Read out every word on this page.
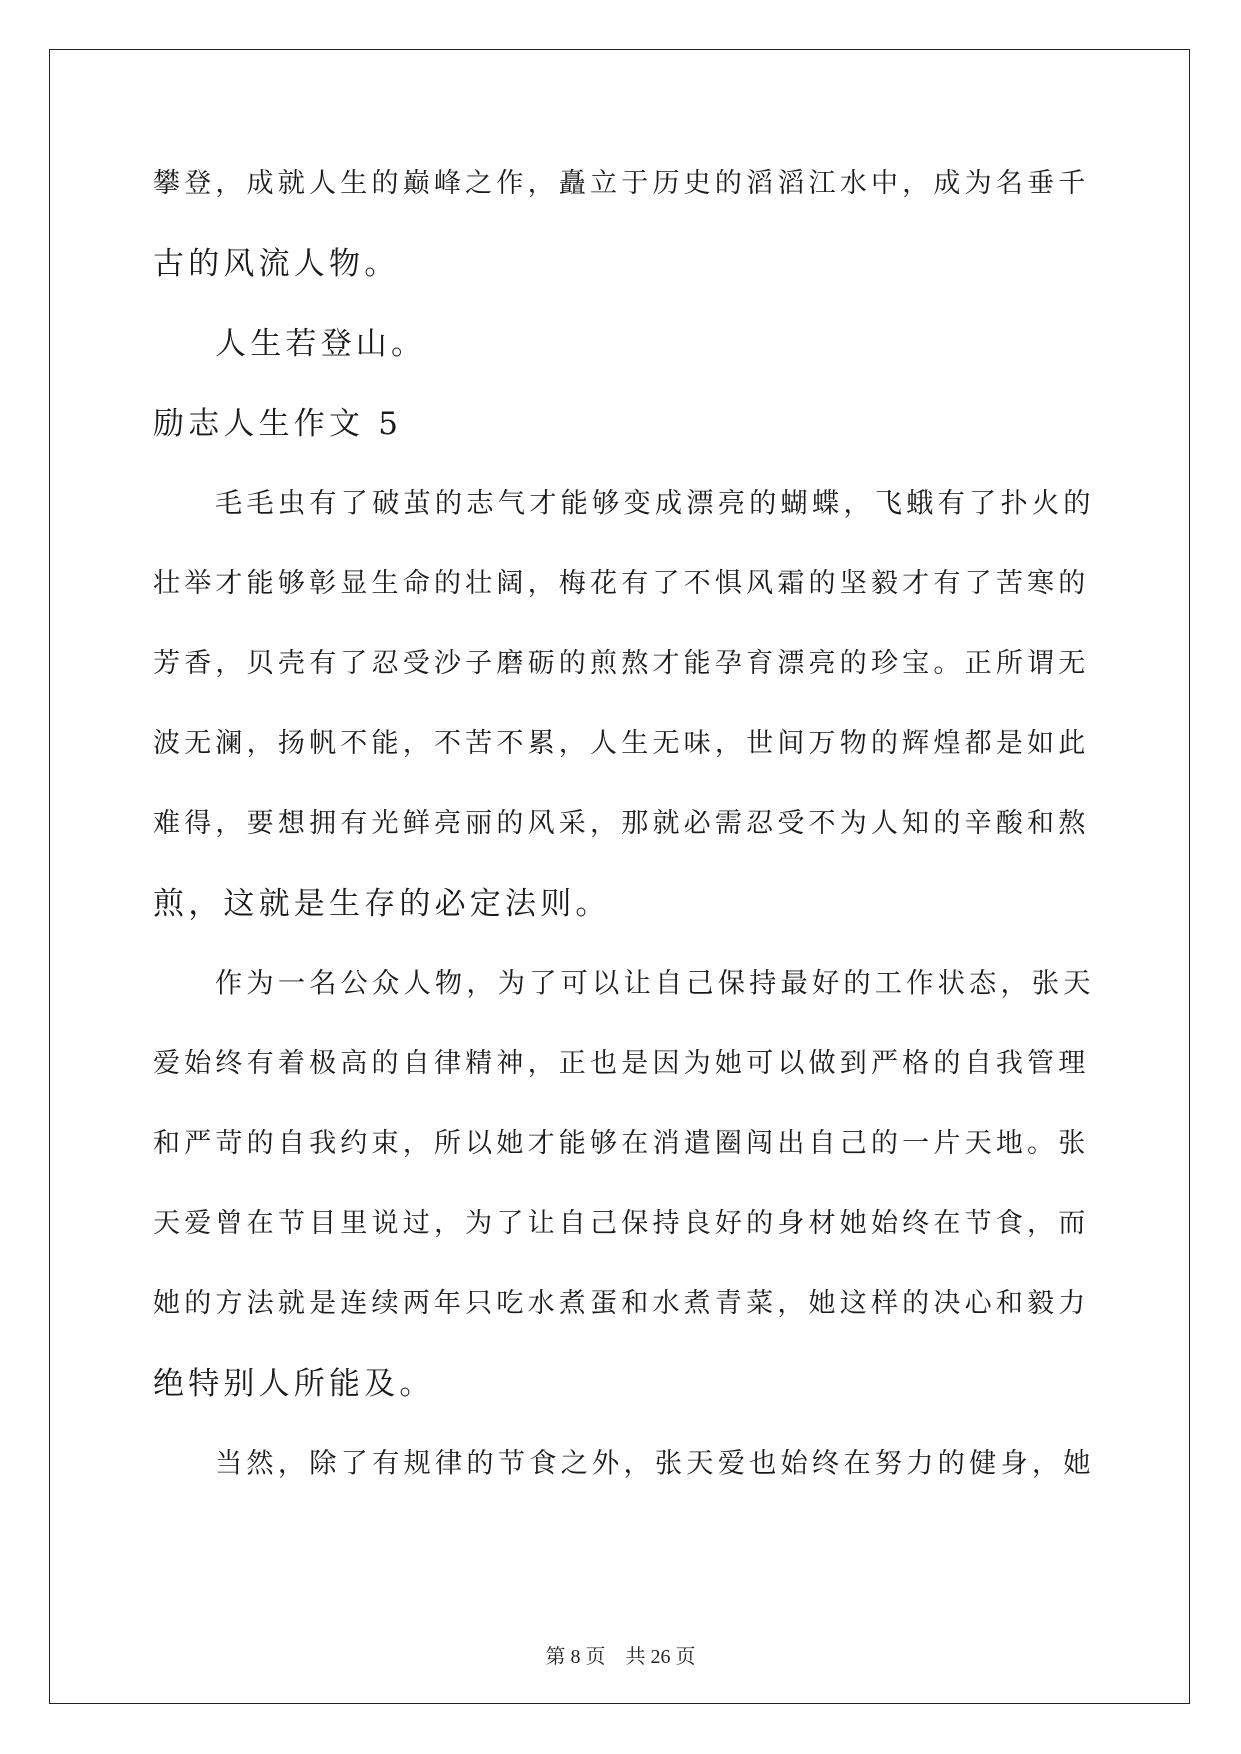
攀登，成就人生的巅峰之作，矗立于历史的滔滔江水中，成为名垂千

古的风流人物。

人生若登山。

励志人生作文 5

毛毛虫有了破茧的志气才能够变成漂亮的蝴蝶，飞蛾有了扑火的

壮举才能够彰显生命的壮阔，梅花有了不惧风霜的坚毅才有了苦寒的

芳香，贝壳有了忍受沙子磨砺的煎熬才能孕育漂亮的珍宝。正所谓无

波无澜，扬帆不能，不苦不累，人生无味，世间万物的辉煌都是如此

难得，要想拥有光鲜亮丽的风采，那就必需忍受不为人知的辛酸和熬

煎，这就是生存的必定法则。

作为一名公众人物，为了可以让自己保持最好的工作状态，张天

爱始终有着极高的自律精神，正也是因为她可以做到严格的自我管理

和严苛的自我约束，所以她才能够在消遣圈闯出自己的一片天地。张

天爱曾在节目里说过，为了让自己保持良好的身材她始终在节食，而

她的方法就是连续两年只吃水煮蛋和水煮青菜，她这样的决心和毅力

绝特别人所能及。

当然，除了有规律的节食之外，张天爱也始终在努力的健身，她

第 8 页 共 26 页
